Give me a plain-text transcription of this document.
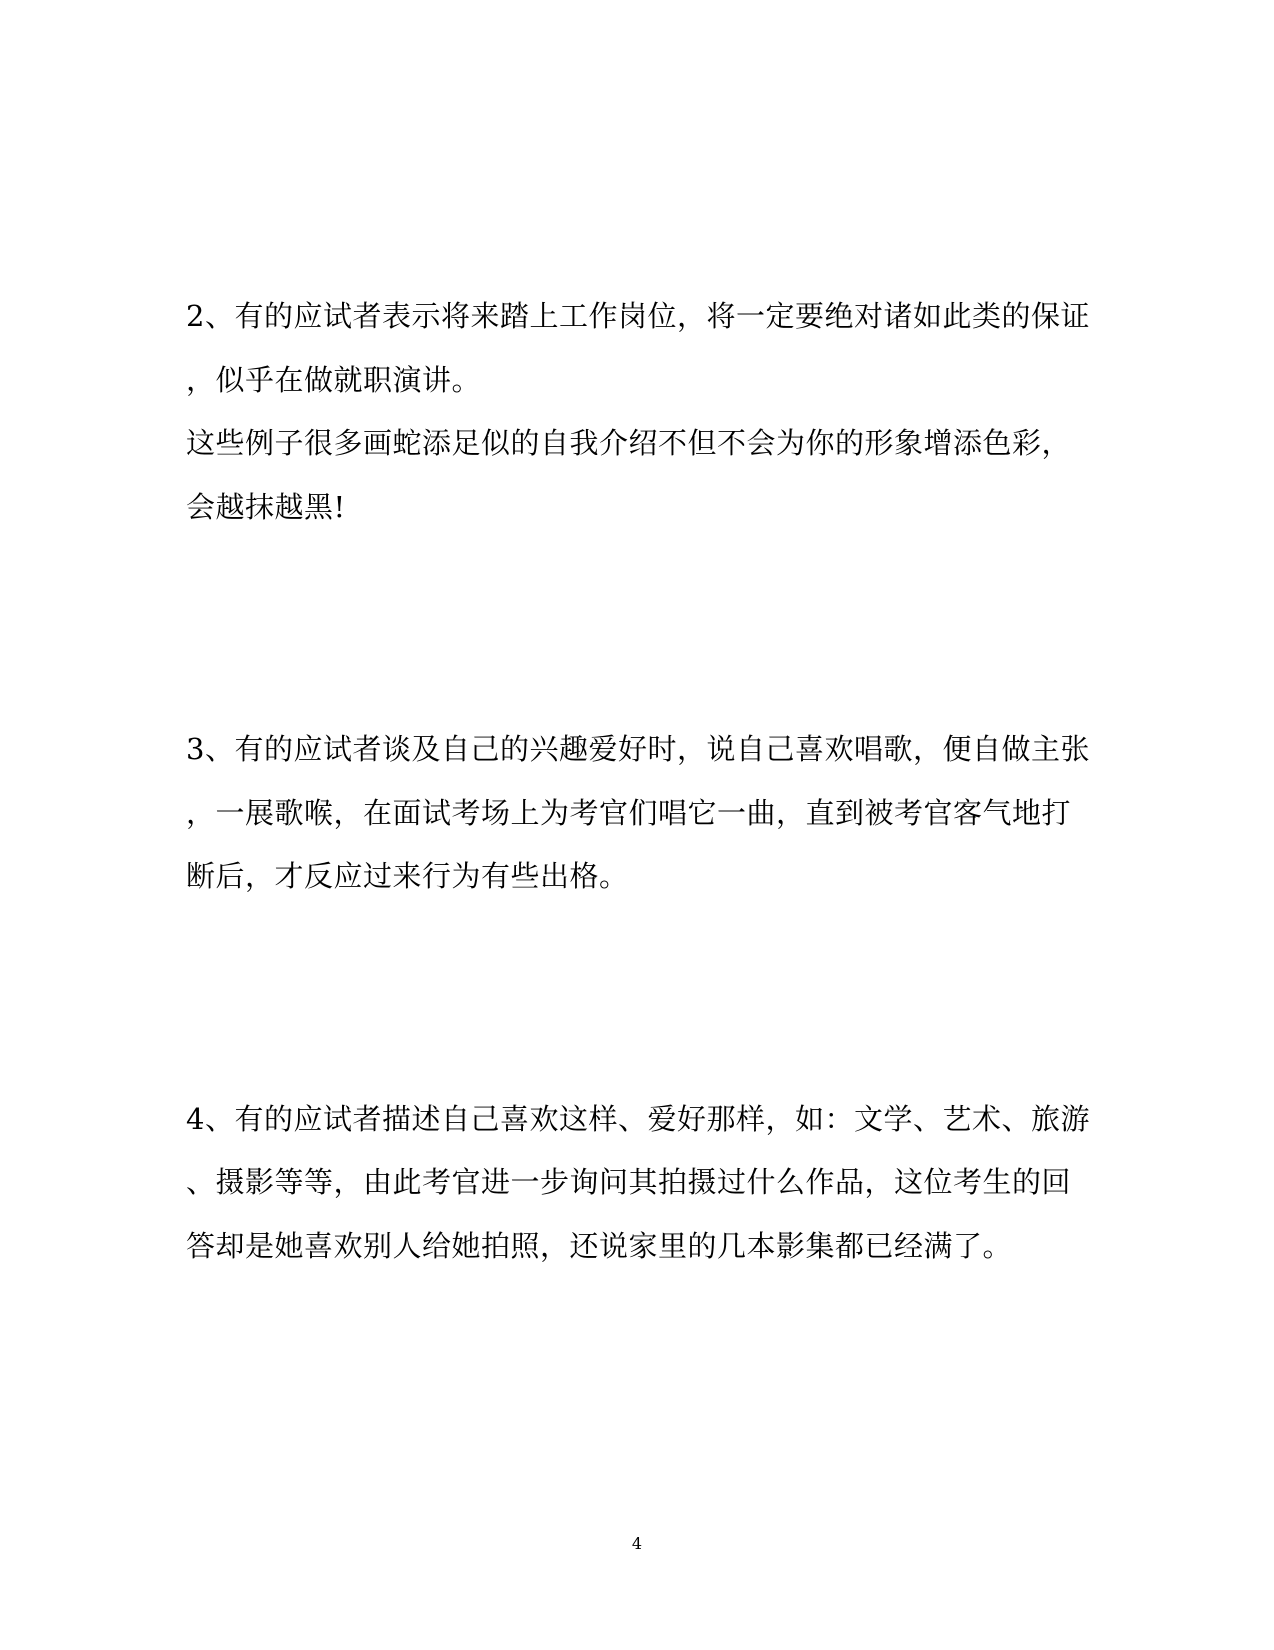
2、有的应试者表示将来踏上工作岗位，将一定要绝对诸如此类的保证
，似乎在做就职演讲。
这些例子很多画蛇添足似的自我介绍不但不会为你的形象增添色彩，
会越抹越黑!
3、有的应试者谈及自己的兴趣爱好时，说自己喜欢唱歌，便自做主张
，一展歌喉，在面试考场上为考官们唱它一曲，直到被考官客气地打
断后，才反应过来行为有些出格。
4、有的应试者描述自己喜欢这样、爱好那样，如：文学、艺术、旅游
、摄影等等，由此考官进一步询问其拍摄过什么作品，这位考生的回
答却是她喜欢别人给她拍照，还说家里的几本影集都已经满了。
4
